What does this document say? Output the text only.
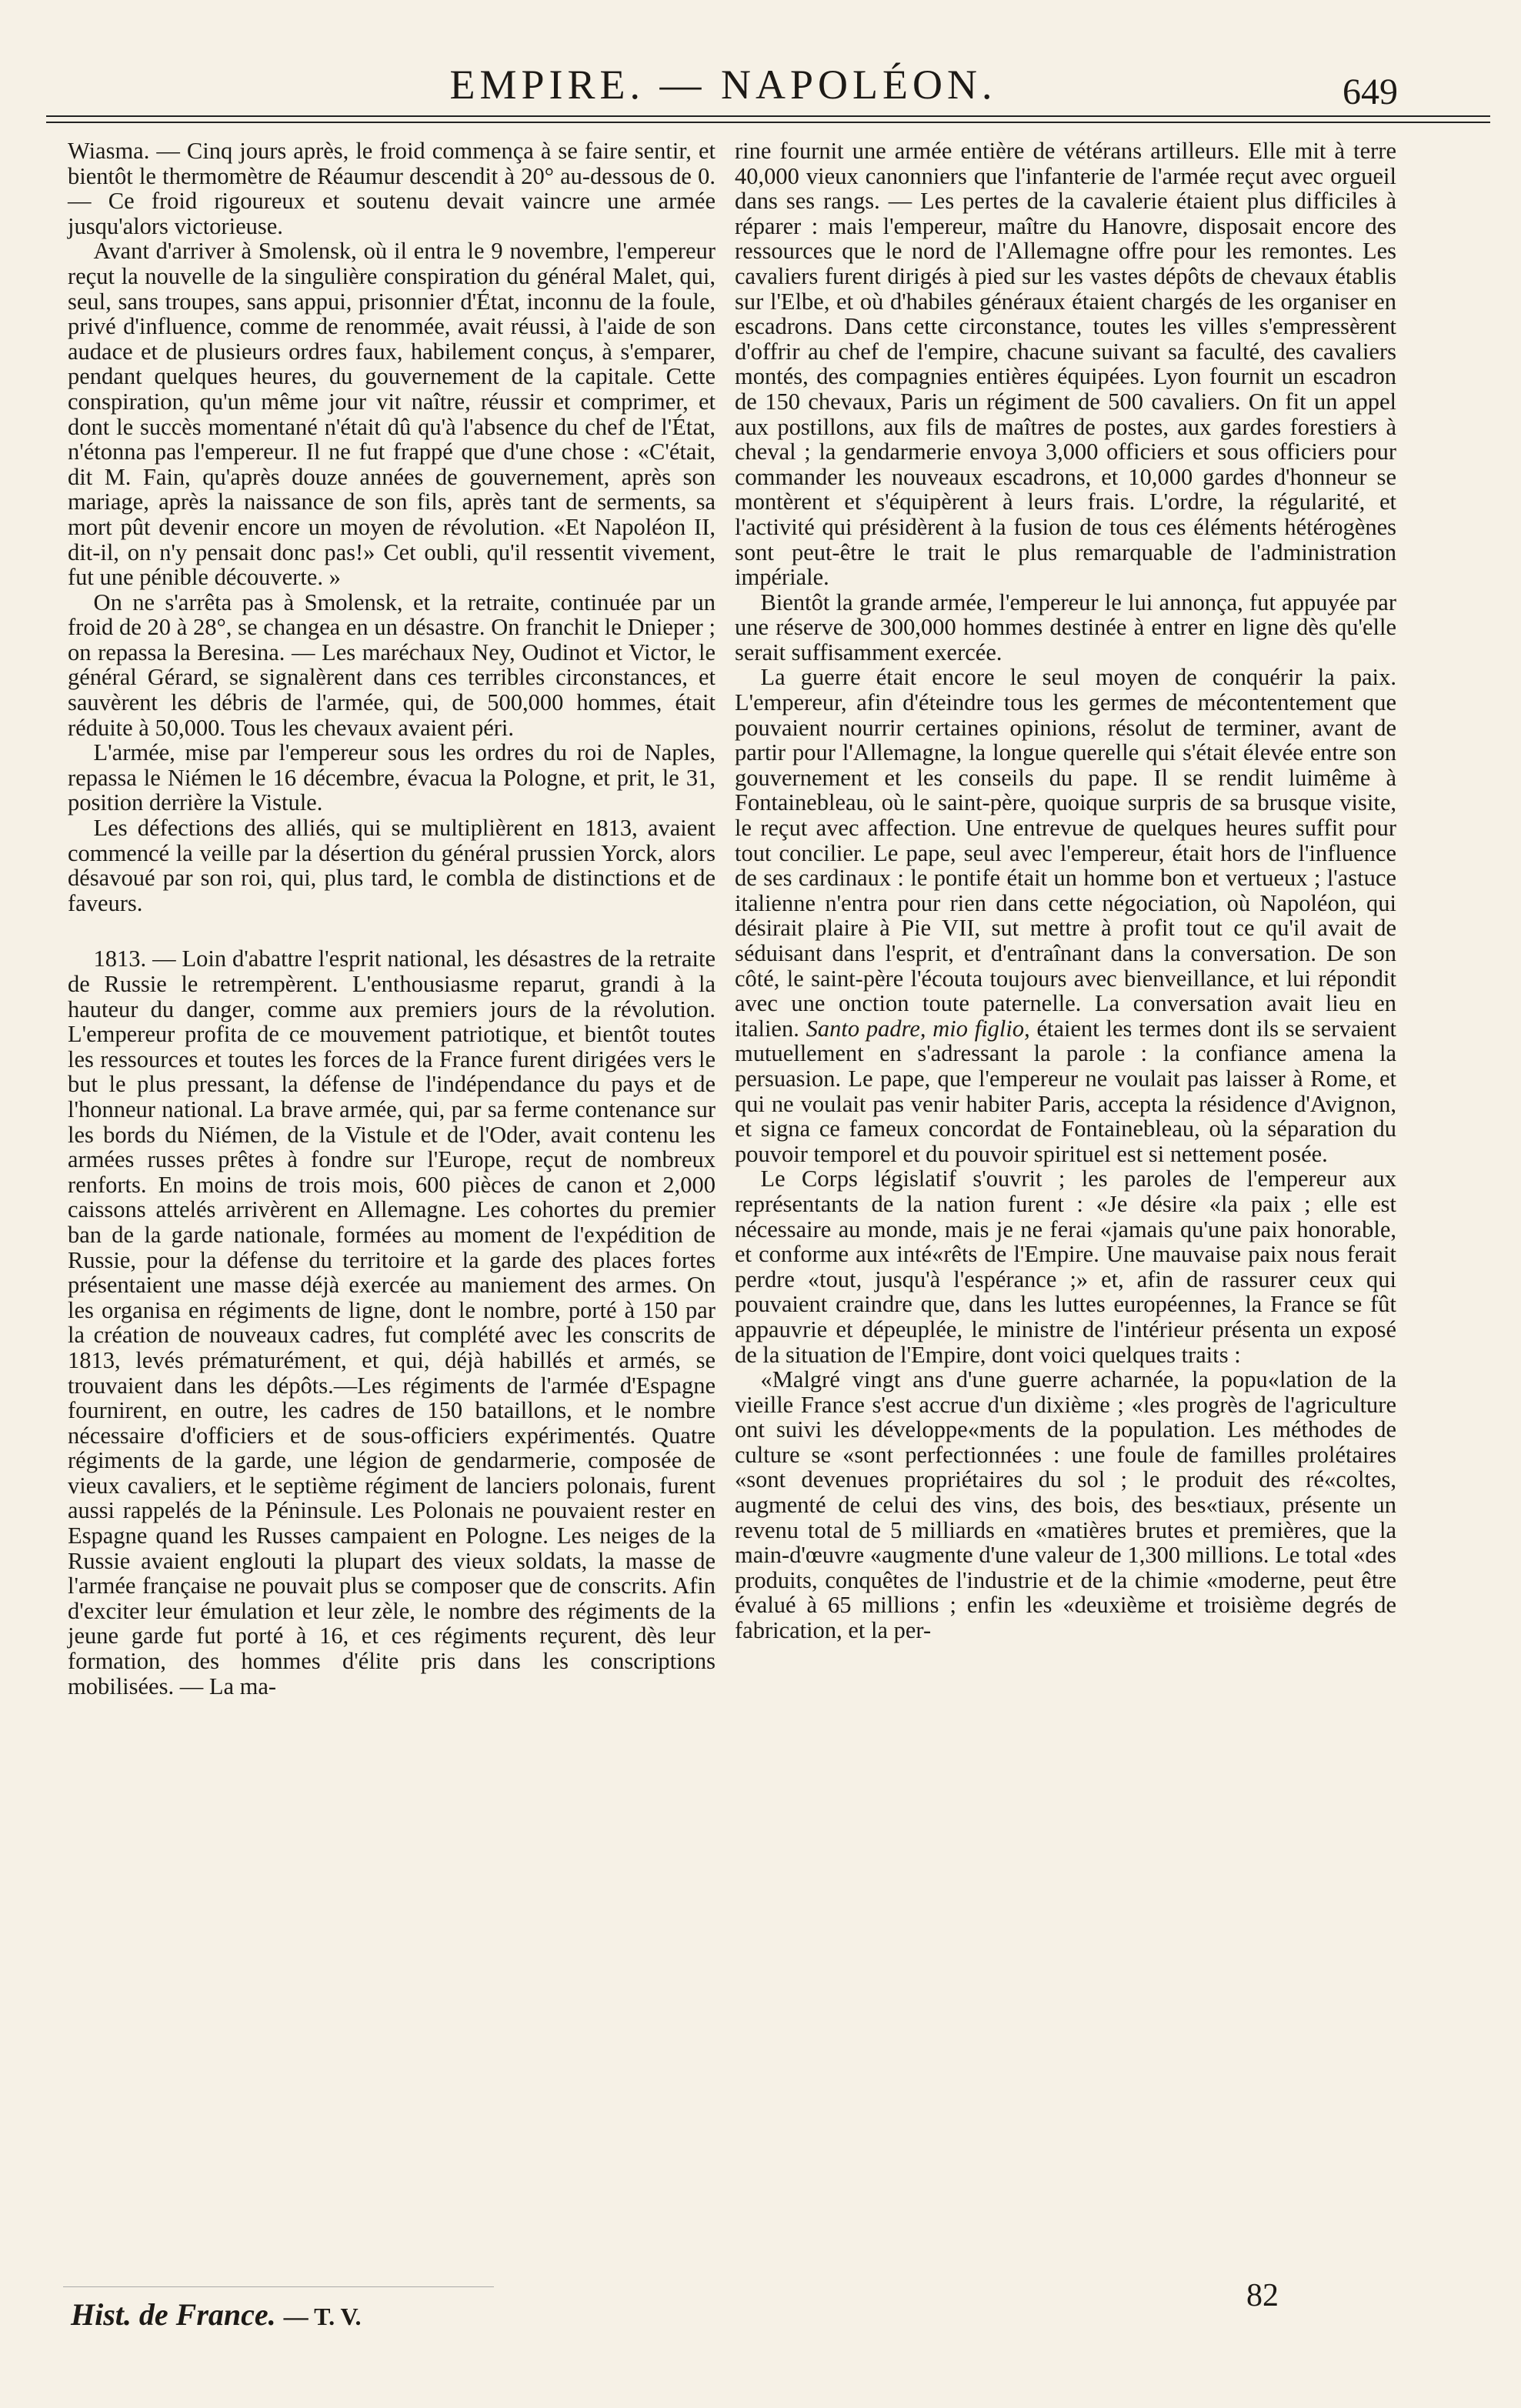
EMPIRE. — NAPOLÉON.	649

Wiasma. — Cinq jours après, le froid commença à se faire sentir, et bientôt le thermomètre de Réaumur descendit à 20° au-dessous de 0. — Ce froid rigoureux et soutenu devait vaincre une armée jusqu'alors victorieuse.

Avant d'arriver à Smolensk, où il entra le 9 novembre, l'empereur reçut la nouvelle de la singulière conspiration du général Malet, qui, seul, sans troupes, sans appui, prisonnier d'État, inconnu de la foule, privé d'influence, comme de renommée, avait réussi, à l'aide de son audace et de plusieurs ordres faux, habilement conçus, à s'emparer, pendant quelques heures, du gouvernement de la capitale. Cette conspiration, qu'un même jour vit naître, réussir et comprimer, et dont le succès momentané n'était dû qu'à l'absence du chef de l'État, n'étonna pas l'empereur. Il ne fut frappé que d'une chose : «C'était, dit M. Fain, qu'après douze années de gouvernement, après son mariage, après la naissance de son fils, après tant de serments, sa mort pût devenir encore un moyen de révolution. «Et Napoléon II, dit-il, on n'y pensait donc pas!» Cet oubli, qu'il ressentit vivement, fut une pénible découverte. »

On ne s'arrêta pas à Smolensk, et la retraite, continuée par un froid de 20 à 28°, se changea en un désastre. On franchit le Dnieper ; on repassa la Beresina. — Les maréchaux Ney, Oudinot et Victor, le général Gérard, se signalèrent dans ces terribles circonstances, et sauvèrent les débris de l'armée, qui, de 500,000 hommes, était réduite à 50,000. Tous les chevaux avaient péri.

L'armée, mise par l'empereur sous les ordres du roi de Naples, repassa le Niémen le 16 décembre, évacua la Pologne, et prit, le 31, position derrière la Vistule.

Les défections des alliés, qui se multiplièrent en 1813, avaient commencé la veille par la désertion du général prussien Yorck, alors désavoué par son roi, qui, plus tard, le combla de distinctions et de faveurs.

1813. — Loin d'abattre l'esprit national, les désastres de la retraite de Russie le retrempèrent. L'enthousiasme reparut, grandi à la hauteur du danger, comme aux premiers jours de la révolution. L'empereur profita de ce mouvement patriotique, et bientôt toutes les ressources et toutes les forces de la France furent dirigées vers le but le plus pressant, la défense de l'indépendance du pays et de l'honneur national. La brave armée, qui, par sa ferme contenance sur les bords du Niémen, de la Vistule et de l'Oder, avait contenu les armées russes prêtes à fondre sur l'Europe, reçut de nombreux renforts. En moins de trois mois, 600 pièces de canon et 2,000 caissons attelés arrivèrent en Allemagne. Les cohortes du premier ban de la garde nationale, formées au moment de l'expédition de Russie, pour la défense du territoire et la garde des places fortes présentaient une masse déjà exercée au maniement des armes. On les organisa en régiments de ligne, dont le nombre, porté à 150 par la création de nouveaux cadres, fut complété avec les conscrits de 1813, levés prématurément, et qui, déjà habillés et armés, se trouvaient dans les dépôts.—Les régiments de l'armée d'Espagne fournirent, en outre, les cadres de 150 bataillons, et le nombre nécessaire d'officiers et de sous-officiers expérimentés. Quatre régiments de la garde, une légion de gendarmerie, composée de vieux cavaliers, et le septième régiment de lanciers polonais, furent aussi rappelés de la Péninsule. Les Polonais ne pouvaient rester en Espagne quand les Russes campaient en Pologne. Les neiges de la Russie avaient englouti la plupart des vieux soldats, la masse de l'armée française ne pouvait plus se composer que de conscrits. Afin d'exciter leur émulation et leur zèle, le nombre des régiments de la jeune garde fut porté à 16, et ces régiments reçurent, dès leur formation, des hommes d'élite pris dans les conscriptions mobilisées. — La ma-

rine fournit une armée entière de vétérans artilleurs. Elle mit à terre 40,000 vieux canonniers que l'infanterie de l'armée reçut avec orgueil dans ses rangs. — Les pertes de la cavalerie étaient plus difficiles à réparer : mais l'empereur, maître du Hanovre, disposait encore des ressources que le nord de l'Allemagne offre pour les remontes. Les cavaliers furent dirigés à pied sur les vastes dépôts de chevaux établis sur l'Elbe, et où d'habiles généraux étaient chargés de les organiser en escadrons. Dans cette circonstance, toutes les villes s'empressèrent d'offrir au chef de l'empire, chacune suivant sa faculté, des cavaliers montés, des compagnies entières équipées. Lyon fournit un escadron de 150 chevaux, Paris un régiment de 500 cavaliers. On fit un appel aux postillons, aux fils de maîtres de postes, aux gardes forestiers à cheval ; la gendarmerie envoya 3,000 officiers et sous officiers pour commander les nouveaux escadrons, et 10,000 gardes d'honneur se montèrent et s'équipèrent à leurs frais. L'ordre, la régularité, et l'activité qui présidèrent à la fusion de tous ces éléments hétérogènes sont peut-être le trait le plus remarquable de l'administration impériale.

Bientôt la grande armée, l'empereur le lui annonça, fut appuyée par une réserve de 300,000 hommes destinée à entrer en ligne dès qu'elle serait suffisamment exercée.

La guerre était encore le seul moyen de conquérir la paix. L'empereur, afin d'éteindre tous les germes de mécontentement que pouvaient nourrir certaines opinions, résolut de terminer, avant de partir pour l'Allemagne, la longue querelle qui s'était élevée entre son gouvernement et les conseils du pape. Il se rendit luimême à Fontainebleau, où le saint-père, quoique surpris de sa brusque visite, le reçut avec affection. Une entrevue de quelques heures suffit pour tout concilier. Le pape, seul avec l'empereur, était hors de l'influence de ses cardinaux : le pontife était un homme bon et vertueux ; l'astuce italienne n'entra pour rien dans cette négociation, où Napoléon, qui désirait plaire à Pie VII, sut mettre à profit tout ce qu'il avait de séduisant dans l'esprit, et d'entraînant dans la conversation. De son côté, le saint-père l'écouta toujours avec bienveillance, et lui répondit avec une onction toute paternelle. La conversation avait lieu en italien. Santo padre, mio figlio, étaient les termes dont ils se servaient mutuellement en s'adressant la parole : la confiance amena la persuasion. Le pape, que l'empereur ne voulait pas laisser à Rome, et qui ne voulait pas venir habiter Paris, accepta la résidence d'Avignon, et signa ce fameux concordat de Fontainebleau, où la séparation du pouvoir temporel et du pouvoir spirituel est si nettement posée.

Le Corps législatif s'ouvrit ; les paroles de l'empereur aux représentants de la nation furent : «Je désire «la paix ; elle est nécessaire au monde, mais je ne ferai «jamais qu'une paix honorable, et conforme aux inté«rêts de l'Empire. Une mauvaise paix nous ferait perdre «tout, jusqu'à l'espérance ;» et, afin de rassurer ceux qui pouvaient craindre que, dans les luttes européennes, la France se fût appauvrie et dépeuplée, le ministre de l'intérieur présenta un exposé de la situation de l'Empire, dont voici quelques traits :

«Malgré vingt ans d'une guerre acharnée, la popu«lation de la vieille France s'est accrue d'un dixième ; «les progrès de l'agriculture ont suivi les développe«ments de la population. Les méthodes de culture se «sont perfectionnées : une foule de familles prolétaires «sont devenues propriétaires du sol ; le produit des ré«coltes, augmenté de celui des vins, des bois, des bes«tiaux, présente un revenu total de 5 milliards en «matières brutes et premières, que la main-d'œuvre «augmente d'une valeur de 1,300 millions. Le total «des produits, conquêtes de l'industrie et de la chimie «moderne, peut être évalué à 65 millions ; enfin les «deuxième et troisième degrés de fabrication, et la per-

Hist. de France. — T. V.
82
